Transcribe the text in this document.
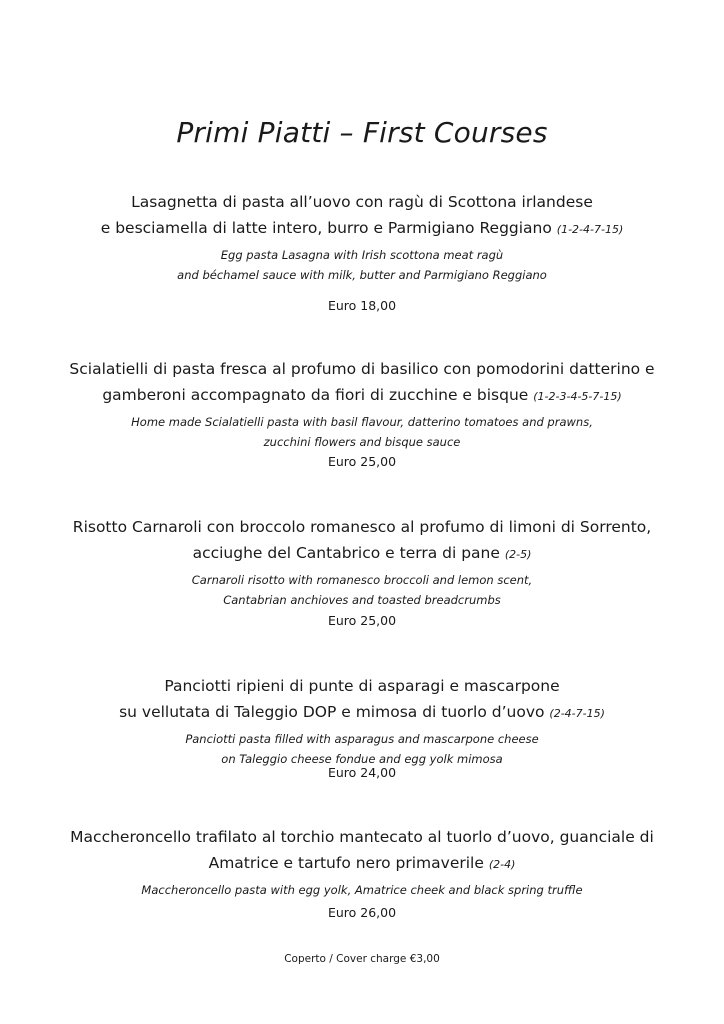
Primi Piatti – First Courses

Lasagnetta di pasta all’uovo con ragù di Scottona irlandese

e besciamella di latte intero, burro e Parmigiano Reggiano (1-2-4-7-15)

Egg pasta Lasagna with Irish scottona meat ragù

and béchamel sauce with milk, butter and Parmigiano Reggiano

Euro 18,00

Scialatielli di pasta fresca al profumo di basilico con pomodorini datterino e

gamberoni accompagnato da fiori di zucchine e bisque (1-2-3-4-5-7-15)

Home made Scialatielli pasta with basil flavour, datterino tomatoes and prawns,

zucchini flowers and bisque sauce

Euro 25,00

Risotto Carnaroli con broccolo romanesco al profumo di limoni di Sorrento,

acciughe del Cantabrico e terra di pane (2-5)

Carnaroli risotto with romanesco broccoli and lemon scent,

Cantabrian anchioves and toasted breadcrumbs

Euro 25,00

Panciotti ripieni di punte di asparagi e mascarpone

su vellutata di Taleggio DOP e mimosa di tuorlo d’uovo (2-4-7-15)

Panciotti pasta filled with asparagus and mascarpone cheese

on Taleggio cheese fondue and egg yolk mimosa

Euro 24,00

Maccheroncello trafilato al torchio mantecato al tuorlo d’uovo, guanciale di

Amatrice e tartufo nero primaverile (2-4)

Maccheroncello pasta with egg yolk, Amatrice cheek and black spring truffle

Euro 26,00

Coperto / Cover charge €3,00
